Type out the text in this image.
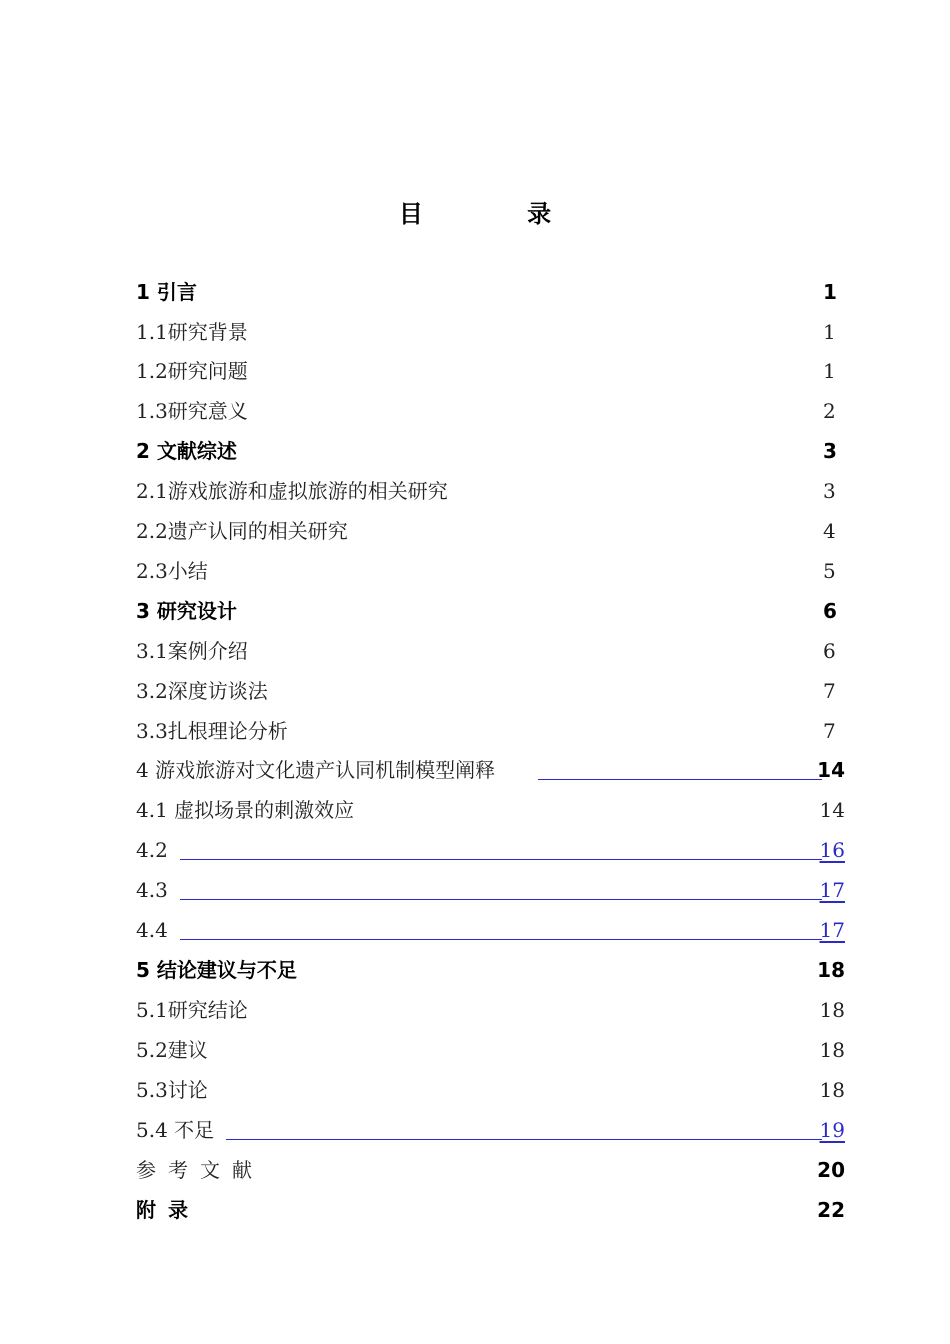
目 录
1 引言	1
1.1研究背景	1
1.2研究问题	1
1.3研究意义	2
2 文献综述	3
2.1游戏旅游和虚拟旅游的相关研究	3
2.2遗产认同的相关研究	4
2.3小结	5
3 研究设计	6
3.1案例介绍	6
3.2深度访谈法	7
3.3扎根理论分析	7
4 游戏旅游对文化遗产认同机制模型阐释	14
4.1 虚拟场景的刺激效应	14
4.2	16
4.3	17
4.4	17
5 结论建议与不足	18
5.1研究结论	18
5.2建议	18
5.3讨论	18
5.4 不足	19
参考文献	20
附录	22
